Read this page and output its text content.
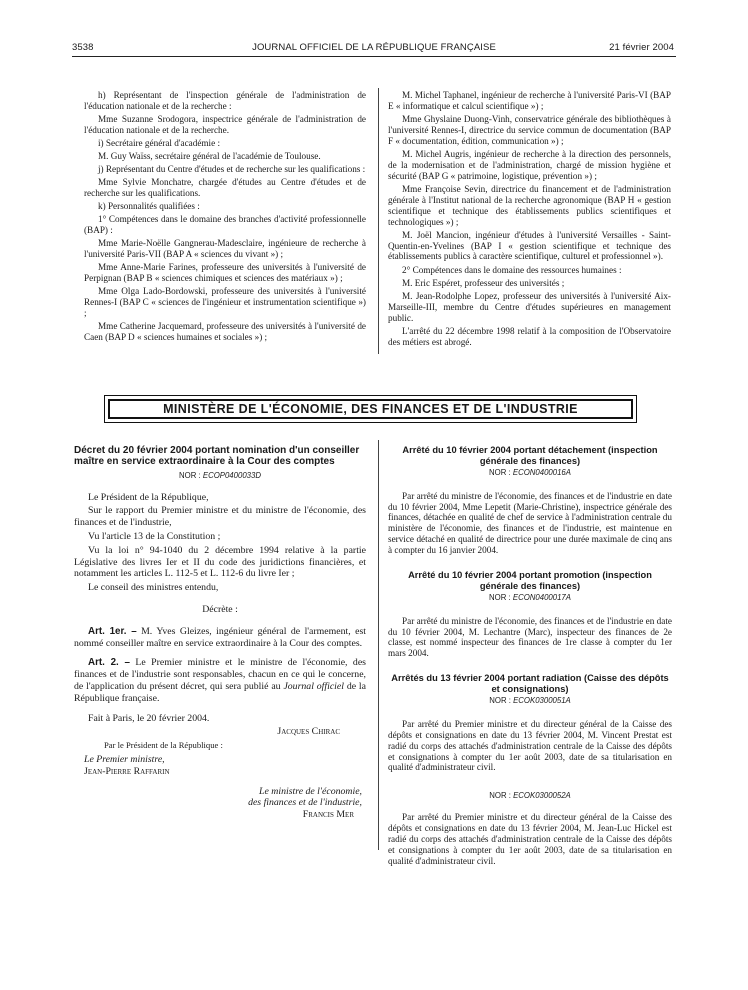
3538	JOURNAL OFFICIEL DE LA RÉPUBLIQUE FRANÇAISE	21 février 2004

h) Représentant de l'inspection générale de l'administration de l'éducation nationale et de la recherche :

Mme Suzanne Srodogora, inspectrice générale de l'administration de l'éducation nationale et de la recherche.

i) Secrétaire général d'académie :

M. Guy Waïss, secrétaire général de l'académie de Toulouse.

j) Représentant du Centre d'études et de recherche sur les qualifications :

Mme Sylvie Monchatre, chargée d'études au Centre d'études et de recherche sur les qualifications.

k) Personnalités qualifiées :

1° Compétences dans le domaine des branches d'activité professionnelle (BAP) :

Mme Marie-Noëlle Gangnerau-Madesclaire, ingénieure de recherche à l'université Paris-VII (BAP A « sciences du vivant ») ;

Mme Anne-Marie Farines, professeure des universités à l'université de Perpignan (BAP B « sciences chimiques et sciences des matériaux ») ;

Mme Olga Lado-Bordowski, professeure des universités à l'université Rennes-I (BAP C « sciences de l'ingénieur et instrumentation scientifique ») ;

Mme Catherine Jacquemard, professeure des universités à l'université de Caen (BAP D « sciences humaines et sociales ») ;

M. Michel Taphanel, ingénieur de recherche à l'université Paris-VI (BAP E « informatique et calcul scientifique ») ;

Mme Ghyslaine Duong-Vinh, conservatrice générale des bibliothèques à l'université Rennes-I, directrice du service commun de documentation (BAP F « documentation, édition, communication ») ;

M. Michel Augris, ingénieur de recherche à la direction des personnels, de la modernisation et de l'administration, chargé de mission hygiène et sécurité (BAP G « patrimoine, logistique, prévention ») ;

Mme Françoise Sevin, directrice du financement et de l'administration générale à l'Institut national de la recherche agronomique (BAP H « gestion scientifique et technique des établissements publics scientifiques et technologiques ») ;

M. Joël Mancion, ingénieur d'études à l'université Versailles - Saint-Quentin-en-Yvelines (BAP I « gestion scientifique et technique des établissements publics à caractère scientifique, culturel et professionnel »).

2° Compétences dans le domaine des ressources humaines :

M. Eric Espéret, professeur des universités ;

M. Jean-Rodolphe Lopez, professeur des universités à l'université Aix-Marseille-III, membre du Centre d'études supérieures en management public.

L'arrêté du 22 décembre 1998 relatif à la composition de l'Observatoire des métiers est abrogé.

MINISTÈRE DE L'ÉCONOMIE, DES FINANCES ET DE L'INDUSTRIE
Décret du 20 février 2004 portant nomination d'un conseiller maître en service extraordinaire à la Cour des comptes
NOR : ECOP0400033D

Le Président de la République,

Sur le rapport du Premier ministre et du ministre de l'économie, des finances et de l'industrie,

Vu l'article 13 de la Constitution ;

Vu la loi n° 94-1040 du 2 décembre 1994 relative à la partie Législative des livres Ier et II du code des juridictions financières, et notamment les articles L. 112-5 et L. 112-6 du livre Ier ;

Le conseil des ministres entendu,

Décrète :

Art. 1er. – M. Yves Gleizes, ingénieur général de l'armement, est nommé conseiller maître en service extraordinaire à la Cour des comptes.

Art. 2. – Le Premier ministre et le ministre de l'économie, des finances et de l'industrie sont responsables, chacun en ce qui le concerne, de l'application du présent décret, qui sera publié au Journal officiel de la République française.

Fait à Paris, le 20 février 2004.

Jacques Chirac

Par le Président de la République :

Le Premier ministre,

Jean-Pierre Raffarin

Le ministre de l'économie,

des finances et de l'industrie,

Francis Mer

Arrêté du 10 février 2004 portant détachement (inspection générale des finances)
NOR : ECON0400016A

Par arrêté du ministre de l'économie, des finances et de l'industrie en date du 10 février 2004, Mme Lepetit (Marie-Christine), inspectrice générale des finances, détachée en qualité de chef de service à l'administration centrale du ministère de l'économie, des finances et de l'industrie, est maintenue en service détaché en qualité de directrice pour une durée maximale de cinq ans à compter du 16 janvier 2004.

Arrêté du 10 février 2004 portant promotion (inspection générale des finances)
NOR : ECON0400017A

Par arrêté du ministre de l'économie, des finances et de l'industrie en date du 10 février 2004, M. Lechantre (Marc), inspecteur des finances de 2e classe, est nommé inspecteur des finances de 1re classe à compter du 1er mars 2004.

Arrêtés du 13 février 2004 portant radiation (Caisse des dépôts et consignations)
NOR : ECOK0300051A

Par arrêté du Premier ministre et du directeur général de la Caisse des dépôts et consignations en date du 13 février 2004, M. Vincent Prestat est radié du corps des attachés d'administration centrale de la Caisse des dépôts et consignations à compter du 1er août 2003, date de sa titularisation en qualité d'administrateur civil.

NOR : ECOK0300052A

Par arrêté du Premier ministre et du directeur général de la Caisse des dépôts et consignations en date du 13 février 2004, M. Jean-Luc Hickel est radié du corps des attachés d'administration centrale de la Caisse des dépôts et consignations à compter du 1er août 2003, date de sa titularisation en qualité d'administrateur civil.
